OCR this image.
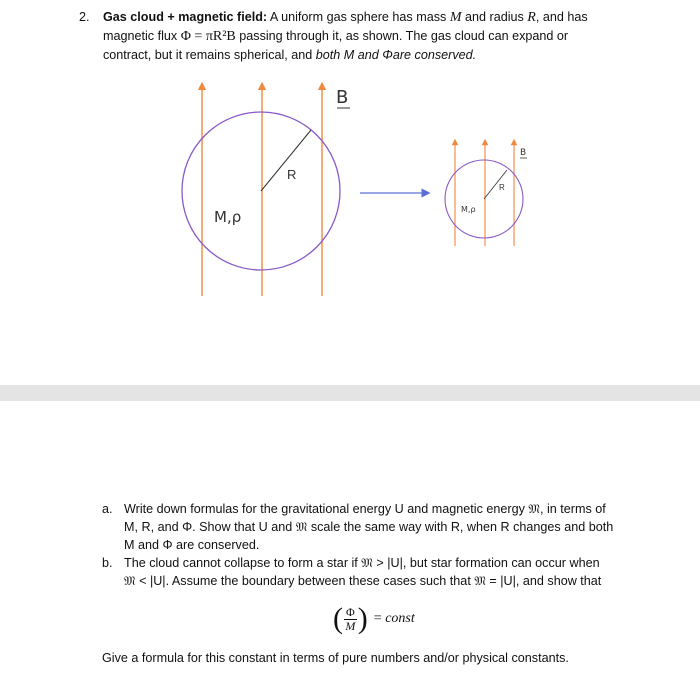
2. Gas cloud + magnetic field: A uniform gas sphere has mass M and radius R, and has
magnetic flux Φ = πR²B passing through it, as shown. The gas cloud can expand or
contract, but it remains spherical, and both M and Φare conserved.
R
M,ρ
B
R
M,ρ
B
a. Write down formulas for the gravitational energy U and magnetic energy 𝔐, in terms of
M, R, and Φ. Show that U and 𝔐 scale the same way with R, when R changes and both
M and Φ are conserved.
b. The cloud cannot collapse to form a star if 𝔐 > |U|, but star formation can occur when
𝔐 < |U|. Assume the boundary between these cases such that 𝔐 = |U|, and show that
( $\frac{\Phi}{M}$ ) = const
Give a formula for this constant in terms of pure numbers and/or physical constants.
